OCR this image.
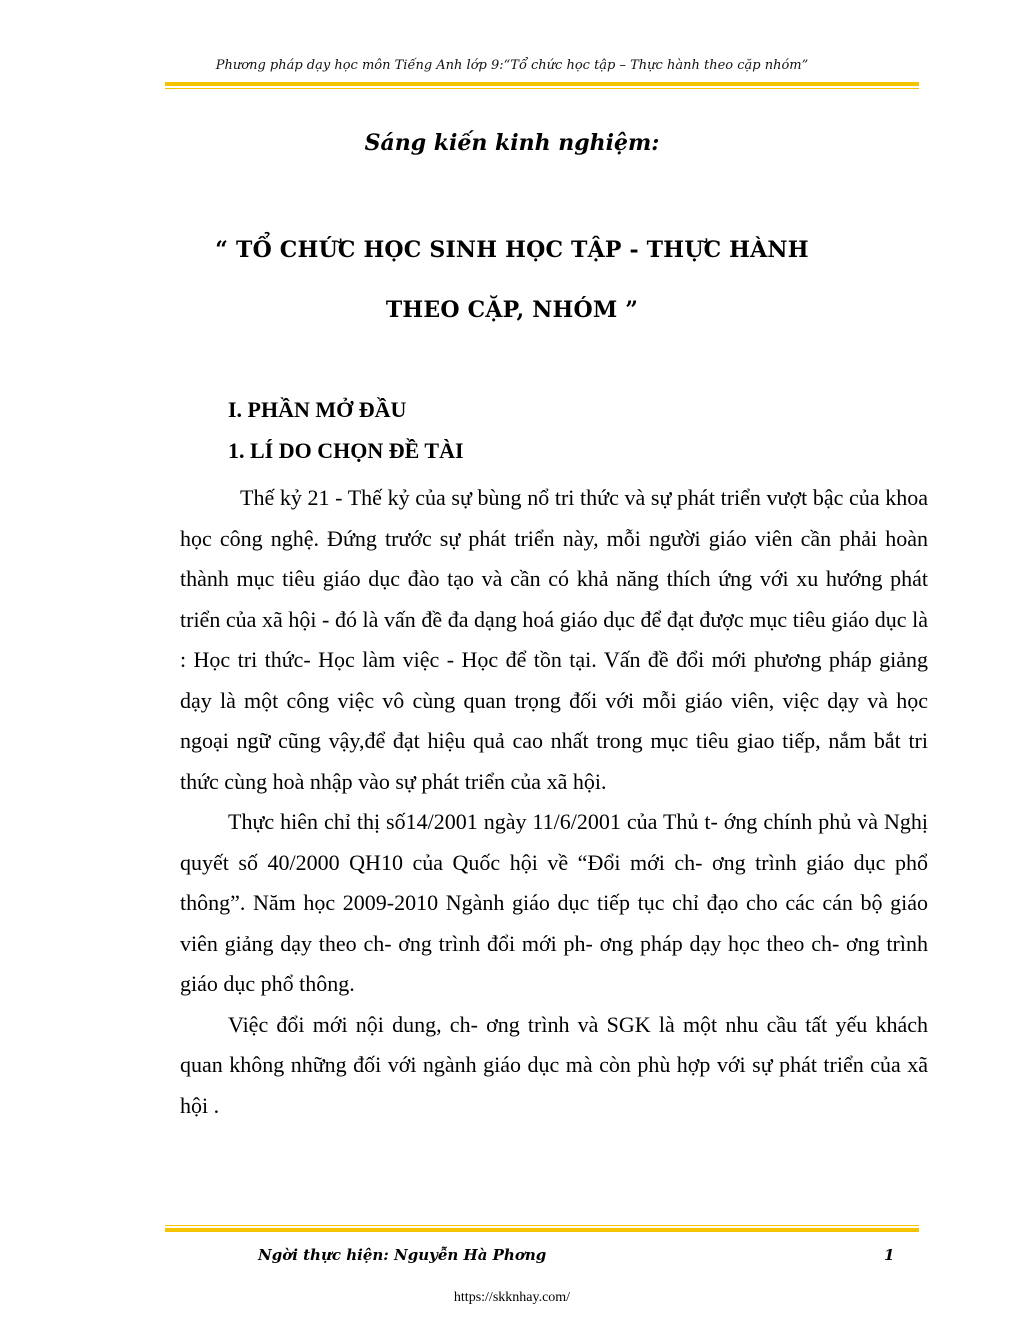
Phương pháp dạy học môn Tiếng Anh lớp 9:“Tổ chức học tập – Thực hành theo cặp nhóm”
Sáng kiến kinh nghiệm:
“ TỔ CHỨC HỌC SINH HỌC TẬP - THỰC HÀNH
THEO CẶP, NHÓM ”
I. PHẦN MỞ ĐẦU
1. LÍ DO CHỌN ĐỀ TÀI

Thế kỷ 21 - Thế kỷ của sự bùng nổ tri thức và sự phát triển vượt bậc của khoa học công nghệ. Đứng trước sự phát triển này, mỗi người giáo viên cần phải hoàn thành mục tiêu giáo dục đào tạo và cần có khả năng thích ứng với xu hướng phát triển của xã hội - đó là vấn đề đa dạng hoá giáo dục để đạt được mục tiêu giáo dục là : Học tri thức- Học làm việc - Học để tồn tại. Vấn đề đổi mới phương pháp giảng dạy là một công việc vô cùng quan trọng đối với mỗi giáo viên, việc dạy và học ngoại ngữ cũng vậy,để đạt hiệu quả cao nhất trong mục tiêu giao tiếp, nắm bắt tri thức cùng hoà nhập vào sự phát triển của xã hội.

Thực hiên chỉ thị số14/2001 ngày 11/6/2001 của Thủ t- ớng chính phủ và Nghị quyết số 40/2000 QH10 của Quốc hội về “Đổi mới ch- ơng trình giáo dục phổ thông”. Năm học 2009-2010 Ngành giáo dục tiếp tục chỉ đạo cho các cán bộ giáo viên giảng dạy theo ch- ơng trình đổi mới ph- ơng pháp dạy học theo ch- ơng trình giáo dục phổ thông.

Việc đổi mới nội dung, ch- ơng trình và SGK là một nhu cầu tất yếu khách quan không những đối với ngành giáo dục mà còn phù hợp với sự phát triển của xã hội .

Ngời thực hiện: Nguyễn Hà Phơng	1
https://skknhay.com/
